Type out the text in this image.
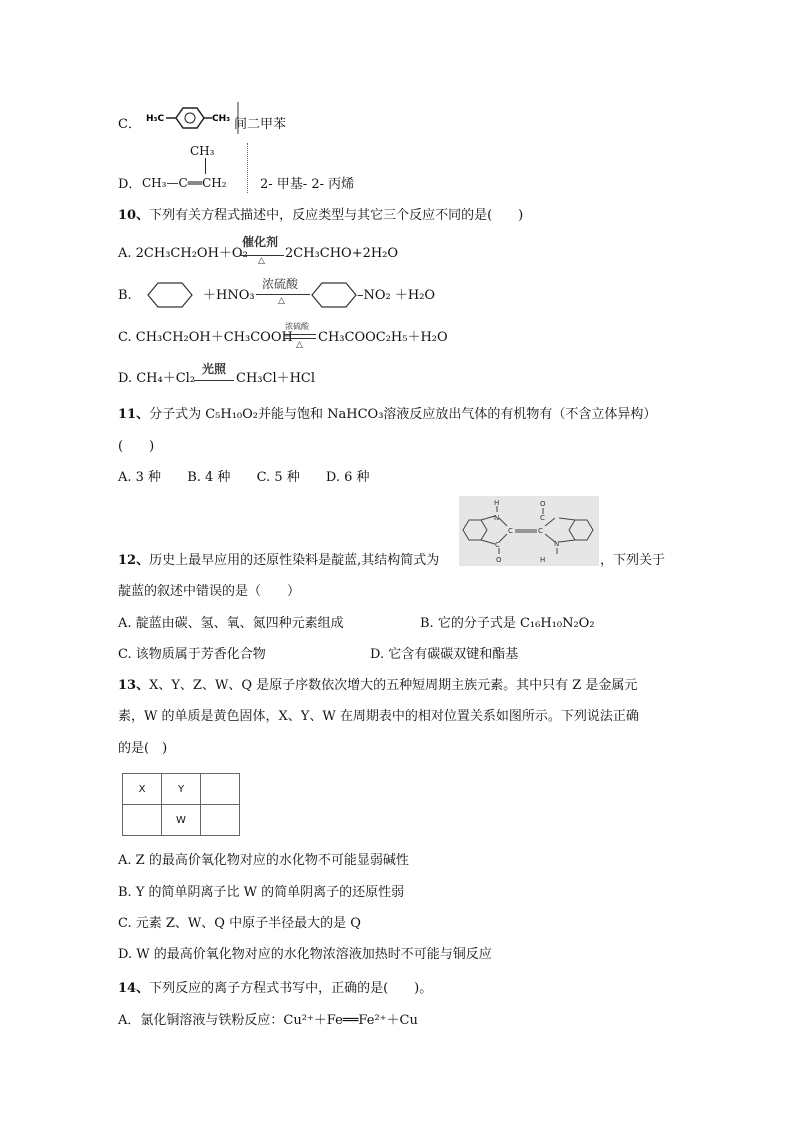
C． H₃C	CH₃ 间二甲苯
D．
CH₃
CH₃—C══CH₂	2- 甲基- 2- 丙烯
10、下列有关方程式描述中，反应类型与其它三个反应不同的是(　　)
A. 2CH₃CH₂OH＋O₂
催化剂
△ 2CH₃CHO+2H₂O
B.	＋HNO₃
浓硫酸
△	–NO₂ ＋H₂O
C. CH₃CH₂OH＋CH₃COOH
浓硫酸
△ CH₃COOC₂H₅＋H₂O
D. CH₄＋Cl₂
光照
CH₃Cl＋HCl
11、分子式为 C₅H₁₀O₂并能与饱和 NaHCO₃溶液反应放出气体的有机物有（不含立体异构）
(　　)
A. 3 种 B. 4 种 C. 5 种 D. 6 种
H
N
C
C
O
O
C
C
N
H
12、历史上最早应用的还原性染料是靛蓝,其结构简式为	，下列关于
靛蓝的叙述中错误的是（　　）
A. 靛蓝由碳、氢、氧、氮四种元素组成	B. 它的分子式是 C₁₆H₁₀N₂O₂
C. 该物质属于芳香化合物	D. 它含有碳碳双键和酯基
13、X、Y、Z、W、Q 是原子序数依次增大的五种短周期主族元素。其中只有 Z 是金属元
素，W 的单质是黄色固体，X、Y、W 在周期表中的相对位置关系如图所示。下列说法正确
的是(　)
X	Y	
	W	
A. Z 的最高价氧化物对应的水化物不可能显弱碱性
B. Y 的简单阴离子比 W 的简单阴离子的还原性弱
C. 元素 Z、W、Q 中原子半径最大的是 Q
D. W 的最高价氧化物对应的水化物浓溶液加热时不可能与铜反应
14、下列反应的离子方程式书写中，正确的是(　　)。
A．氯化铜溶液与铁粉反应：Cu²⁺＋Fe══Fe²⁺＋Cu
